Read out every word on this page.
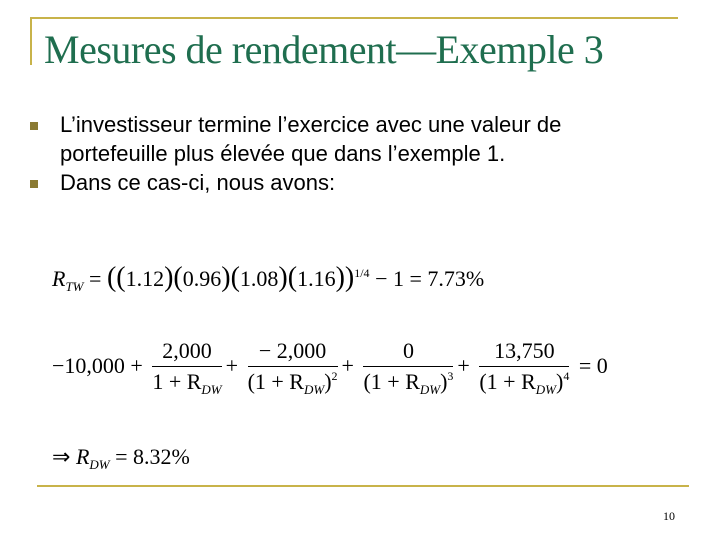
Mesures de rendement—Exemple 3
L’investisseur termine l’exercice avec une valeur de portefeuille plus élevée que dans l’exemple 1.
Dans ce cas-ci, nous avons:
$R_{TW} = ((1.12)(0.96)(1.08)(1.16))^{1/4} - 1 = 7.73\%$
$-10,000 + \frac{2,000}{1 + R_{DW}} + \frac{- 2,000}{(1 + R_{DW})^2} + \frac{0}{(1 + R_{DW})^3} + \frac{13,750}{(1 + R_{DW})^4} = 0$
⇒ $R_{DW} = 8.32\%$
10
